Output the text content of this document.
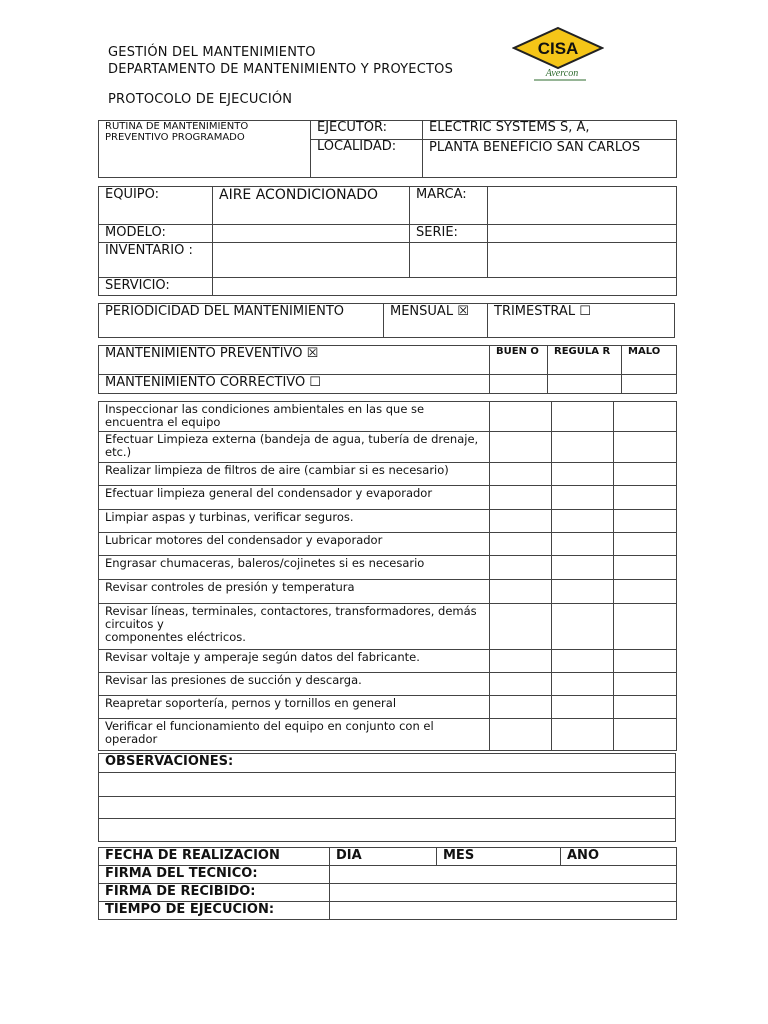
GESTIÓN DEL MANTENIMIENTO
DEPARTAMENTO DE MANTENIMIENTO Y PROYECTOS
PROTOCOLO DE EJECUCIÓN
CISA
Avercon
RUTINA DE MANTENIMIENTO PREVENTIVO PROGRAMADO	EJECUTOR:	ELECTRIC SYSTEMS S, A,
	LOCALIDAD:	PLANTA BENEFICIO SAN CARLOS
EQUIPO:	AIRE ACONDICIONADO	MARCA:	
MODELO:		SERIE:	
INVENTARIO :			
SERVICIO:			
PERIODICIDAD DEL MANTENIMIENTO	MENSUAL ☒	TRIMESTRAL ☐
MANTENIMIENTO PREVENTIVO ☒	BUEN O	REGULA R	MALO
MANTENIMIENTO CORRECTIVO ☐			
Inspeccionar las condiciones ambientales en las que se encuentra el equipo			
Efectuar Limpieza externa (bandeja de agua, tubería de drenaje, etc.)			
Realizar limpieza de filtros de aire (cambiar si es necesario)			
Efectuar limpieza general del condensador y evaporador			
Limpiar aspas y turbinas, verificar seguros.			
Lubricar motores del condensador y evaporador			
Engrasar chumaceras, baleros/cojinetes si es necesario			
Revisar controles de presión y temperatura			
Revisar líneas, terminales, contactores, transformadores, demás circuitos y
componentes eléctricos.			
Revisar voltaje y amperaje según datos del fabricante.			
Revisar las presiones de succión y descarga.			
Reapretar soportería, pernos y tornillos en general			
Verificar el funcionamiento del equipo en conjunto con el operador			
OBSERVACIONES:

FECHA DE REALIZACION	DIA	MES	ANO
FIRMA DEL TECNICO:			
FIRMA DE RECIBIDO:			
TIEMPO DE EJECUCION:			
